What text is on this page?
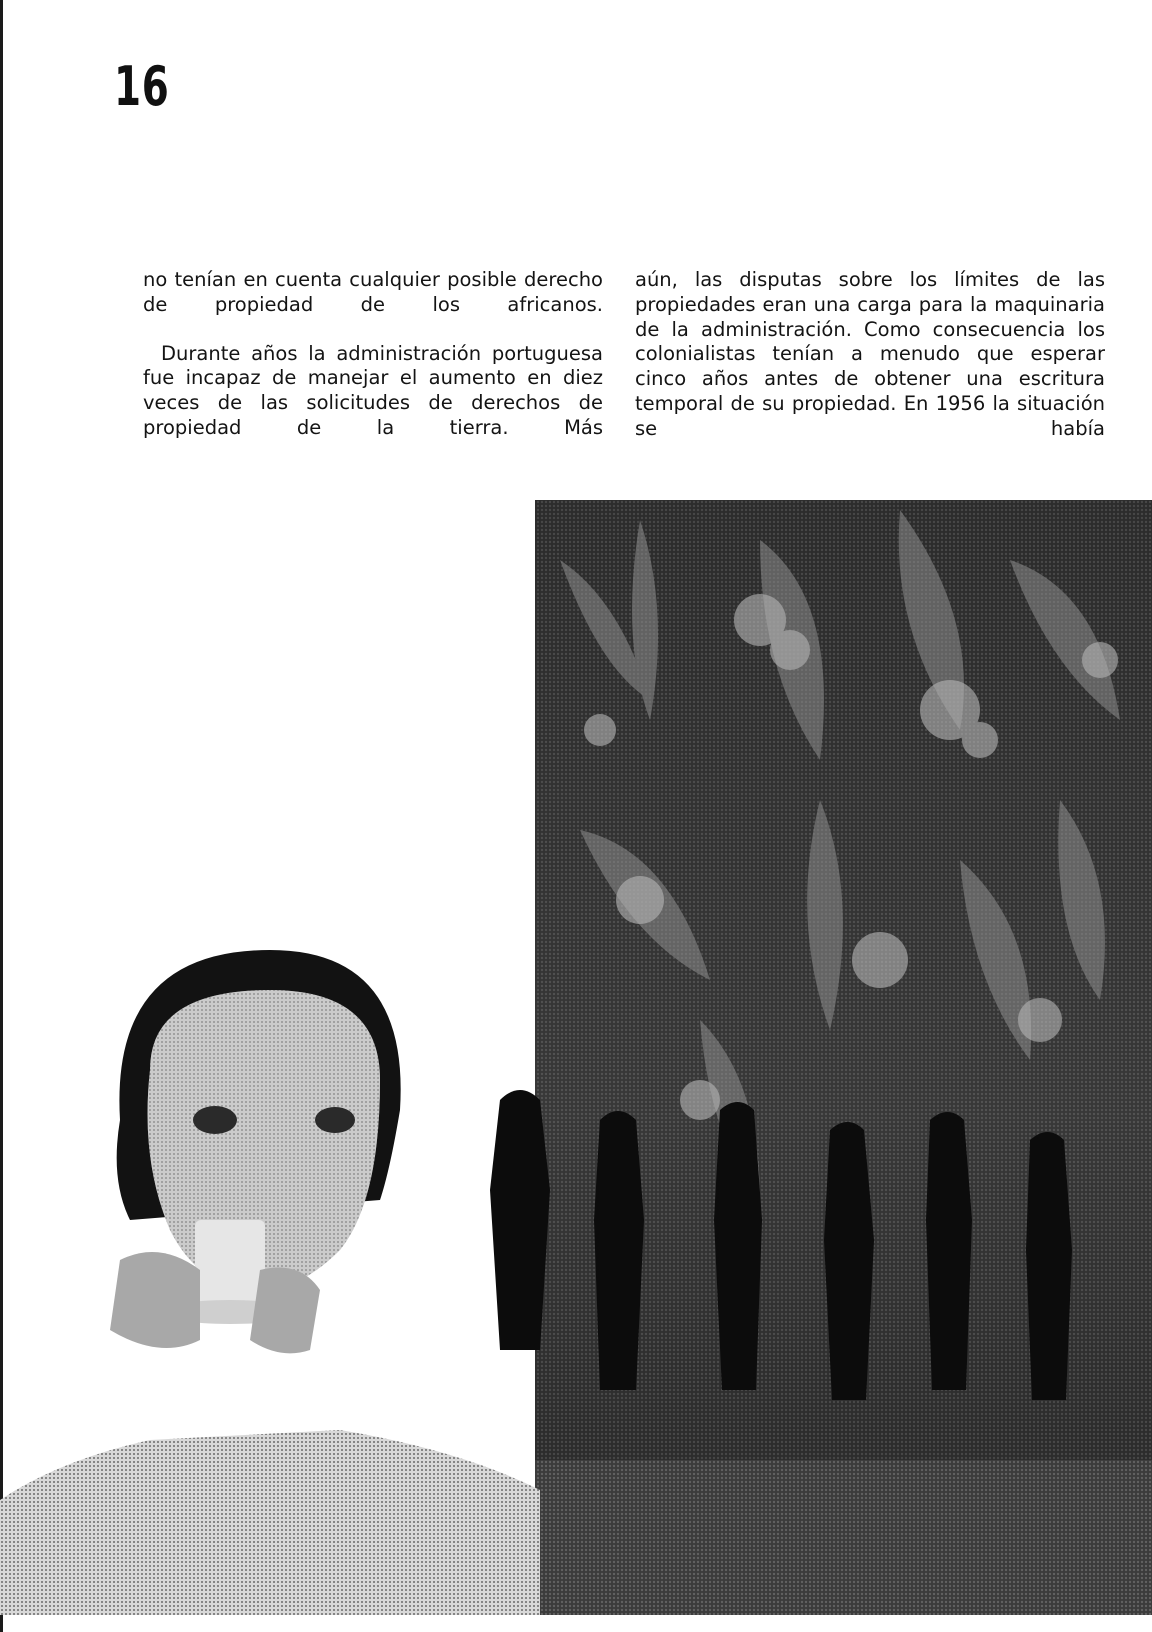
16

no tenían en cuenta cualquier posible derecho de propiedad de los africanos.

Durante años la administración portuguesa fue incapaz de manejar el aumento en diez veces de las solicitudes de derechos de propiedad de la tierra. Más

aún, las disputas sobre los límites de las propiedades eran una carga para la maquinaria de la administración. Como consecuencia los colonialistas tenían a menudo que esperar cinco años antes de obtener una escritura temporal de su propiedad. En 1956 la situación se había
